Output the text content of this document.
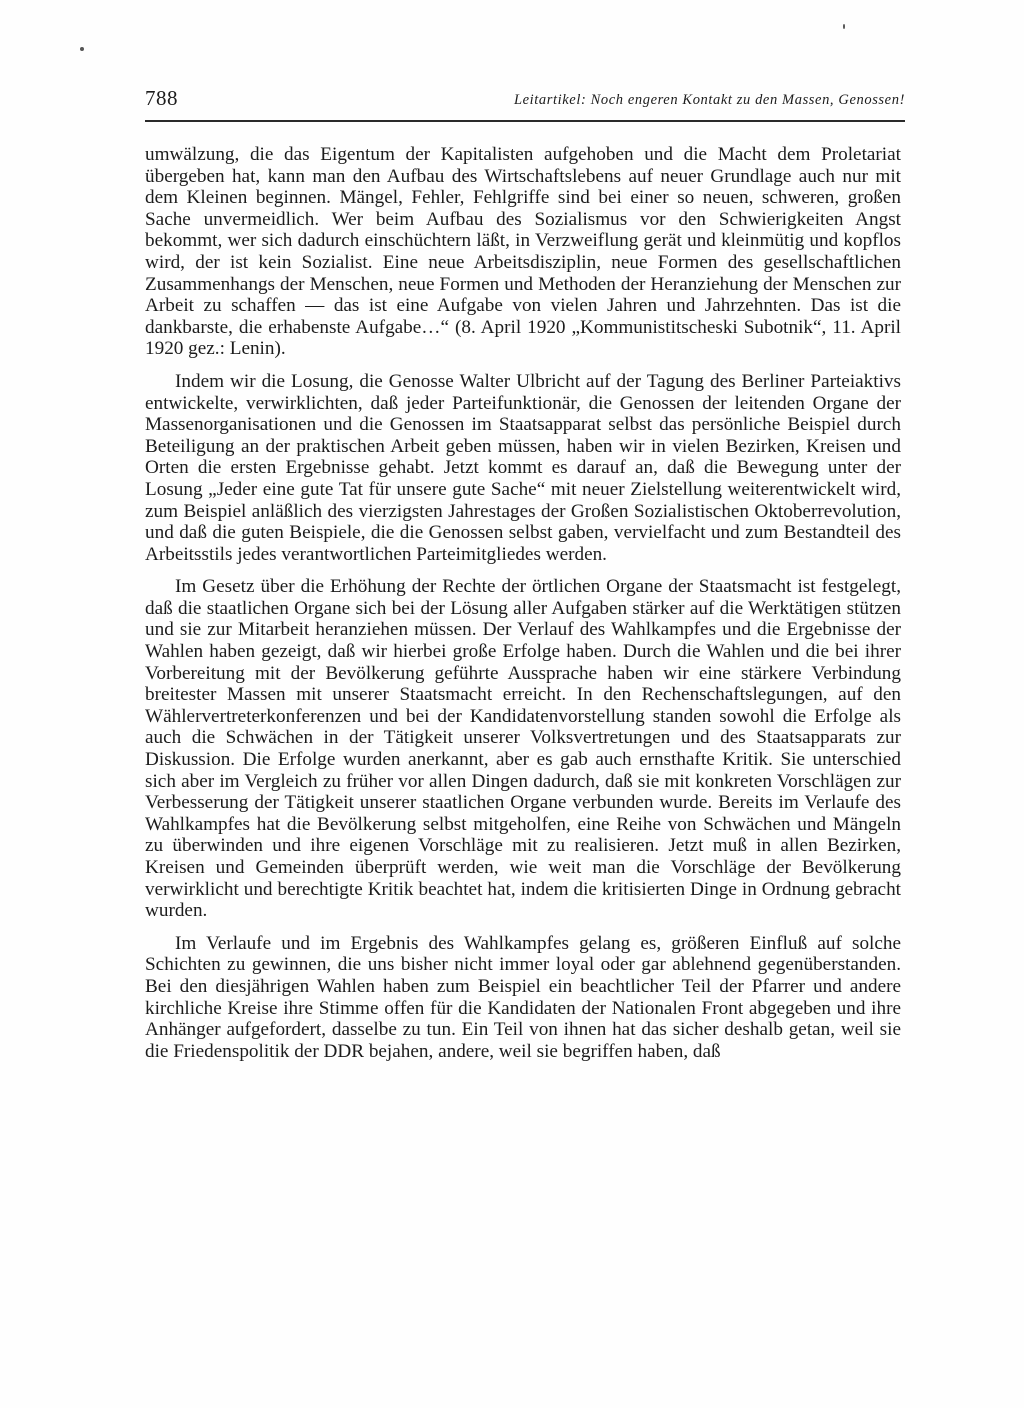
788	Leitartikel: Noch engeren Kontakt zu den Massen, Genossen!

umwälzung, die das Eigentum der Kapitalisten aufgehoben und die Macht dem Proletariat übergeben hat, kann man den Aufbau des Wirtschaftslebens auf neuer Grundlage auch nur mit dem Kleinen beginnen. Mängel, Fehler, Fehlgriffe sind bei einer so neuen, schweren, großen Sache unvermeidlich. Wer beim Aufbau des Sozialismus vor den Schwierigkeiten Angst bekommt, wer sich dadurch einschüchtern läßt, in Verzweiflung gerät und kleinmütig und kopflos wird, der ist kein Sozialist. Eine neue Arbeitsdisziplin, neue Formen des gesellschaftlichen Zusammenhangs der Menschen, neue Formen und Methoden der Heranziehung der Menschen zur Arbeit zu schaffen — das ist eine Aufgabe von vielen Jahren und Jahrzehnten. Das ist die dankbarste, die erhabenste Aufgabe…“ (8. April 1920 „Kommunistitscheski Subotnik“, 11. April 1920 gez.: Lenin).

Indem wir die Losung, die Genosse Walter Ulbricht auf der Tagung des Berliner Parteiaktivs entwickelte, verwirklichten, daß jeder Parteifunktionär, die Genossen der leitenden Organe der Massenorganisationen und die Genossen im Staatsapparat selbst das persönliche Beispiel durch Beteiligung an der praktischen Arbeit geben müssen, haben wir in vielen Bezirken, Kreisen und Orten die ersten Ergebnisse gehabt. Jetzt kommt es darauf an, daß die Bewegung unter der Losung „Jeder eine gute Tat für unsere gute Sache“ mit neuer Zielstellung weiterentwickelt wird, zum Beispiel anläßlich des vierzigsten Jahrestages der Großen Sozialistischen Oktoberrevolution, und daß die guten Beispiele, die die Genossen selbst gaben, vervielfacht und zum Bestandteil des Arbeitsstils jedes verantwortlichen Parteimitgliedes werden.

Im Gesetz über die Erhöhung der Rechte der örtlichen Organe der Staatsmacht ist festgelegt, daß die staatlichen Organe sich bei der Lösung aller Aufgaben stärker auf die Werktätigen stützen und sie zur Mitarbeit heranziehen müssen. Der Verlauf des Wahlkampfes und die Ergebnisse der Wahlen haben gezeigt, daß wir hierbei große Erfolge haben. Durch die Wahlen und die bei ihrer Vorbereitung mit der Bevölkerung geführte Aussprache haben wir eine stärkere Verbindung breitester Massen mit unserer Staatsmacht erreicht. In den Rechenschaftslegungen, auf den Wählervertreterkonferenzen und bei der Kandidatenvorstellung standen sowohl die Erfolge als auch die Schwächen in der Tätigkeit unserer Volksvertretungen und des Staatsapparats zur Diskussion. Die Erfolge wurden anerkannt, aber es gab auch ernsthafte Kritik. Sie unterschied sich aber im Vergleich zu früher vor allen Dingen dadurch, daß sie mit konkreten Vorschlägen zur Verbesserung der Tätigkeit unserer staatlichen Organe verbunden wurde. Bereits im Verlaufe des Wahlkampfes hat die Bevölkerung selbst mitgeholfen, eine Reihe von Schwächen und Mängeln zu überwinden und ihre eigenen Vorschläge mit zu realisieren. Jetzt muß in allen Bezirken, Kreisen und Gemeinden überprüft werden, wie weit man die Vorschläge der Bevölkerung verwirklicht und berechtigte Kritik beachtet hat, indem die kritisierten Dinge in Ordnung gebracht wurden.

Im Verlaufe und im Ergebnis des Wahlkampfes gelang es, größeren Einfluß auf solche Schichten zu gewinnen, die uns bisher nicht immer loyal oder gar ablehnend gegenüberstanden. Bei den diesjährigen Wahlen haben zum Beispiel ein beachtlicher Teil der Pfarrer und andere kirchliche Kreise ihre Stimme offen für die Kandidaten der Nationalen Front abgegeben und ihre Anhänger aufgefordert, dasselbe zu tun. Ein Teil von ihnen hat das sicher deshalb getan, weil sie die Friedenspolitik der DDR bejahen, andere, weil sie begriffen haben, daß
